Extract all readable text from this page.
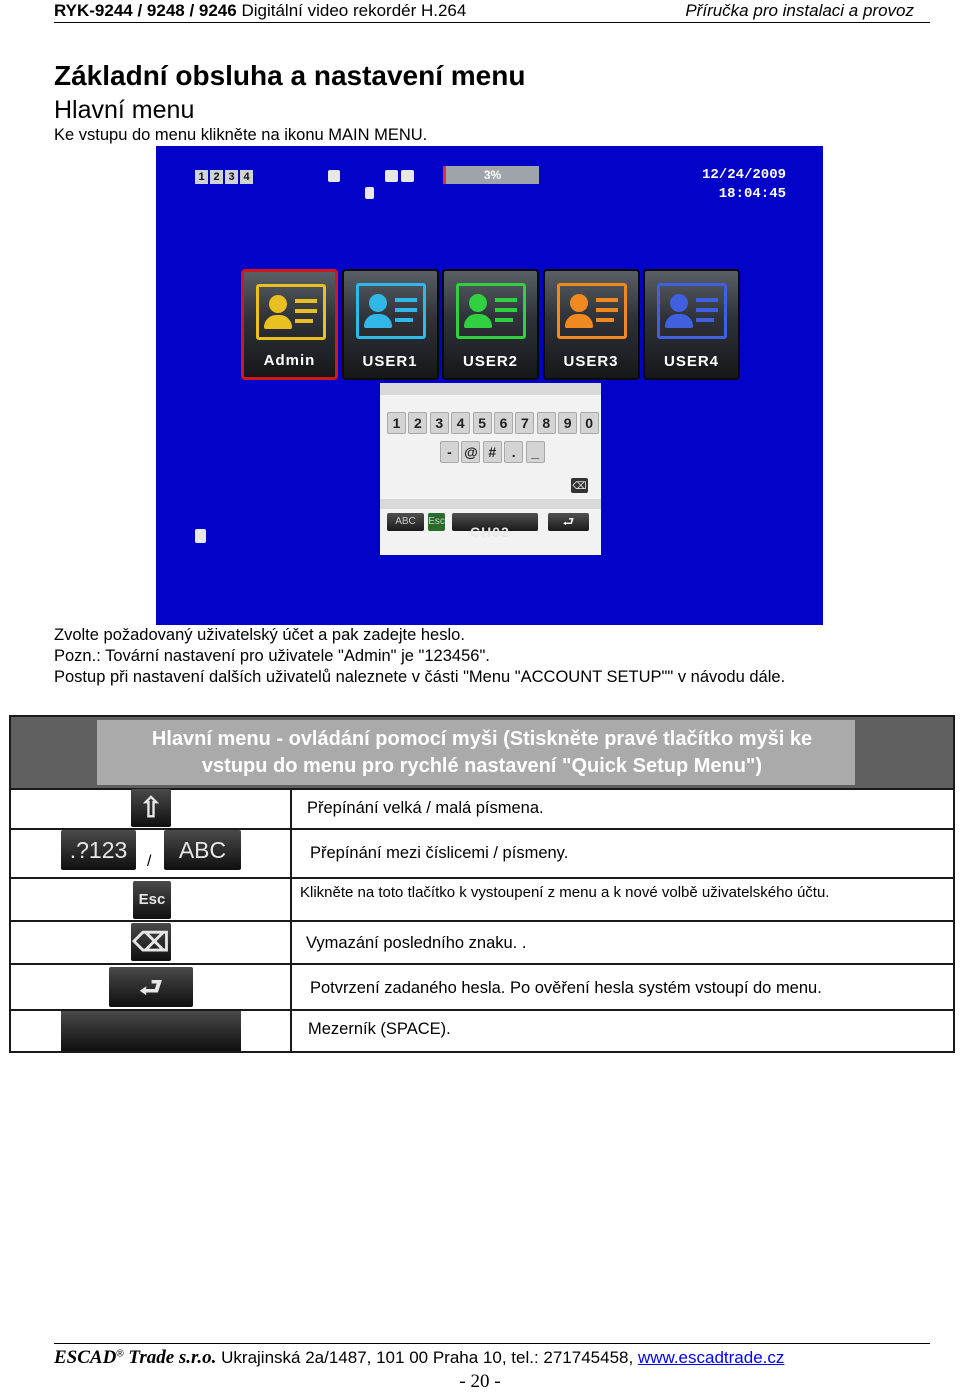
RYK-9244 / 9248 / 9246 Digitální video rekordér H.264	Příručka pro instalaci a provoz
Základní obsluha a nastavení menu
Hlavní menu
Ke vstupu do menu klikněte na ikonu MAIN MENU.
1 2 3 4	3%	12/24/2009
18:04:45
Admin	USER1	USER2	USER3	USER4
1 2 3 4 5 6 7 8 9 0
- @ #	.	_
⌫
ABC	Esc	⮐
CH02
Zvolte požadovaný uživatelský účet a pak zadejte heslo.
Pozn.: Tovární nastavení pro uživatele "Admin" je "123456".
Postup při nastavení dalších uživatelů naleznete v části "Menu "ACCOUNT SETUP"" v návodu dále.
Hlavní menu - ovládání pomocí myši (Stiskněte pravé tlačítko myši ke
vstupu do menu pro rychlé nastavení "Quick Setup Menu")
⇧	Přepínání velká / malá písmena.
.?123	/	ABC	Přepínání mezi číslicemi / písmeny.
Esc	Klikněte na toto tlačítko k vystoupení z menu a k nové volbě uživatelského účtu.
⌫	Vymazání posledního znaku. .
⮐	Potvrzení zadaného hesla. Po ověření hesla systém vstoupí do menu.
Mezerník (SPACE).
ESCAD® Trade s.r.o. Ukrajinská 2a/1487, 101 00 Praha 10, tel.: 271745458, www.escadtrade.cz
- 20 -
